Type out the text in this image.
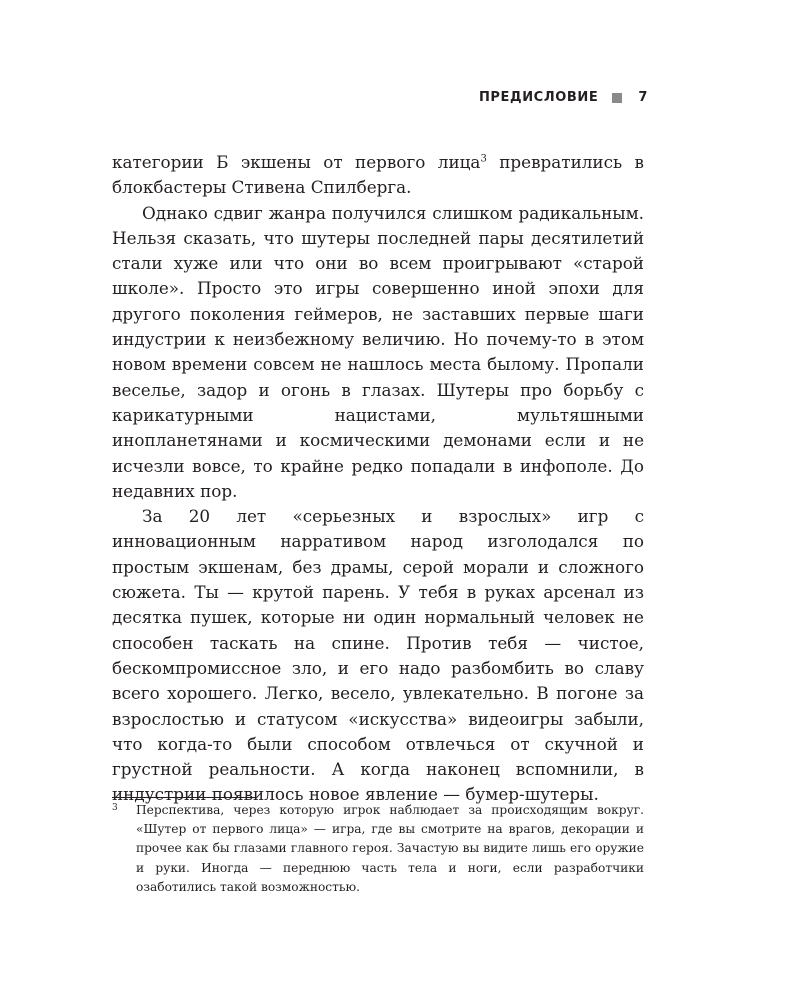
ПРЕДИСЛОВИЕ	7

категории Б экшены от первого лица$^3$ превратились в блокбастеры Стивена Спилберга.

Однако сдвиг жанра получился слишком радикальным. Нельзя сказать, что шутеры последней пары десятилетий стали хуже или что они во всем проигрывают «старой школе». Просто это игры совершенно иной эпохи для другого поколения геймеров, не заставших первые шаги индустрии к неизбежному величию. Но почему-то в этом новом времени совсем не нашлось места былому. Пропали веселье, задор и огонь в глазах. Шутеры про борьбу с карикатурными нацистами, мультяшными инопланетянами и космическими демонами если и не исчезли вовсе, то крайне редко попадали в инфополе. До недавних пор.

За 20 лет «серьезных и взрослых» игр с инновационным нарративом народ изголодался по простым экшенам, без драмы, серой морали и сложного сюжета. Ты — крутой парень. У тебя в руках арсенал из десятка пушек, которые ни один нормальный человек не способен таскать на спине. Против тебя — чистое, бескомпромиссное зло, и его надо разбомбить во славу всего хорошего. Легко, весело, увлекательно. В погоне за взрослостью и статусом «искусства» видеоигры забыли, что когда-то были способом отвлечься от скучной и грустной реальности. А когда наконец вспомнили, в индустрии появилось новое явление — бумер-шутеры.

3 Перспектива, через которую игрок наблюдает за происходящим вокруг. «Шутер от первого лица» — игра, где вы смотрите на врагов, декорации и прочее как бы глазами главного героя. Зачастую вы видите лишь его оружие и руки. Иногда — переднюю часть тела и ноги, если разработчики озаботились такой возможностью.
